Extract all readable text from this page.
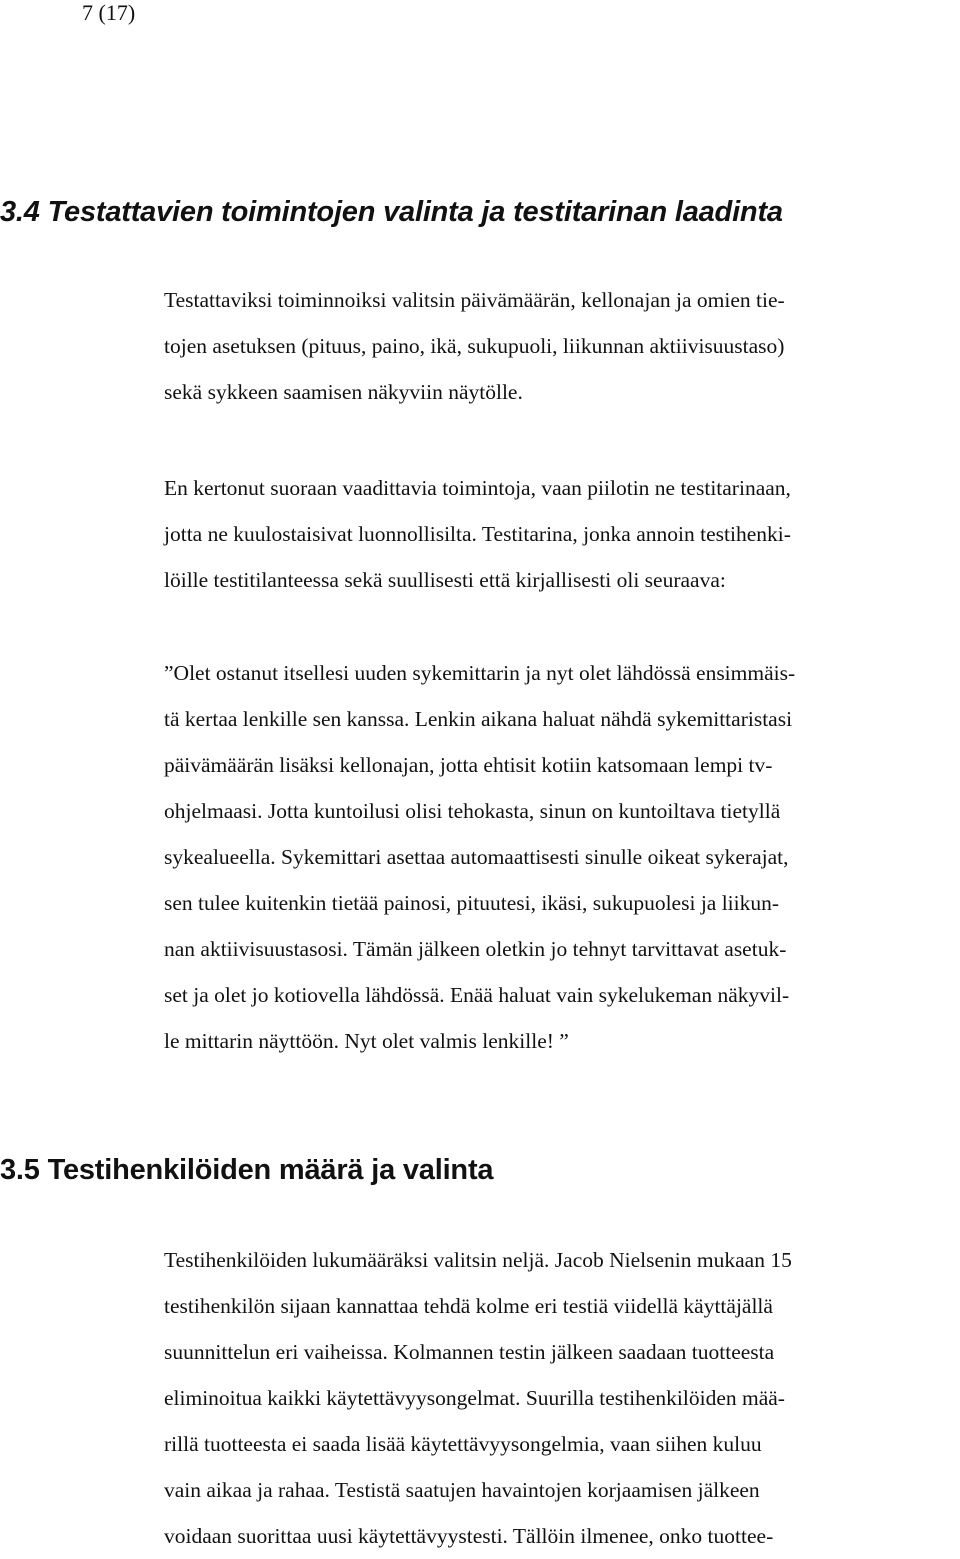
7 (17)

3.4 Testattavien toimintojen valinta ja testitarinan laadinta
Testattaviksi toiminnoiksi valitsin päivämäärän, kellonajan ja omien tie-
tojen asetuksen (pituus, paino, ikä, sukupuoli, liikunnan aktiivisuustaso)
sekä sykkeen saamisen näkyviin näytölle.
En kertonut suoraan vaadittavia toimintoja, vaan piilotin ne testitarinaan,
jotta ne kuulostaisivat luonnollisilta. Testitarina, jonka annoin testihenki-
löille testitilanteessa sekä suullisesti että kirjallisesti oli seuraava:
”Olet ostanut itsellesi uuden sykemittarin ja nyt olet lähdössä ensimmäis-
tä kertaa lenkille sen kanssa. Lenkin aikana haluat nähdä sykemittaristasi
päivämäärän lisäksi kellonajan, jotta ehtisit kotiin katsomaan lempi tv-
ohjelmaasi. Jotta kuntoilusi olisi tehokasta, sinun on kuntoiltava tietyllä
sykealueella. Sykemittari asettaa automaattisesti sinulle oikeat sykerajat,
sen tulee kuitenkin tietää painosi, pituutesi, ikäsi, sukupuolesi ja liikun-
nan aktiivisuustasosi. Tämän jälkeen oletkin jo tehnyt tarvittavat asetuk-
set ja olet jo kotiovella lähdössä. Enää haluat vain sykelukeman näkyvil-
le mittarin näyttöön. Nyt olet valmis lenkille! ”
3.5 Testihenkilöiden määrä ja valinta
Testihenkilöiden lukumääräksi valitsin neljä. Jacob Nielsenin mukaan 15
testihenkilön sijaan kannattaa tehdä kolme eri testiä viidellä käyttäjällä
suunnittelun eri vaiheissa. Kolmannen testin jälkeen saadaan tuotteesta
eliminoitua kaikki käytettävyysongelmat. Suurilla testihenkilöiden mää-
rillä tuotteesta ei saada lisää käytettävyysongelmia, vaan siihen kuluu
vain aikaa ja rahaa. Testistä saatujen havaintojen korjaamisen jälkeen
voidaan suorittaa uusi käytettävyystesti. Tällöin ilmenee, onko tuottee-
